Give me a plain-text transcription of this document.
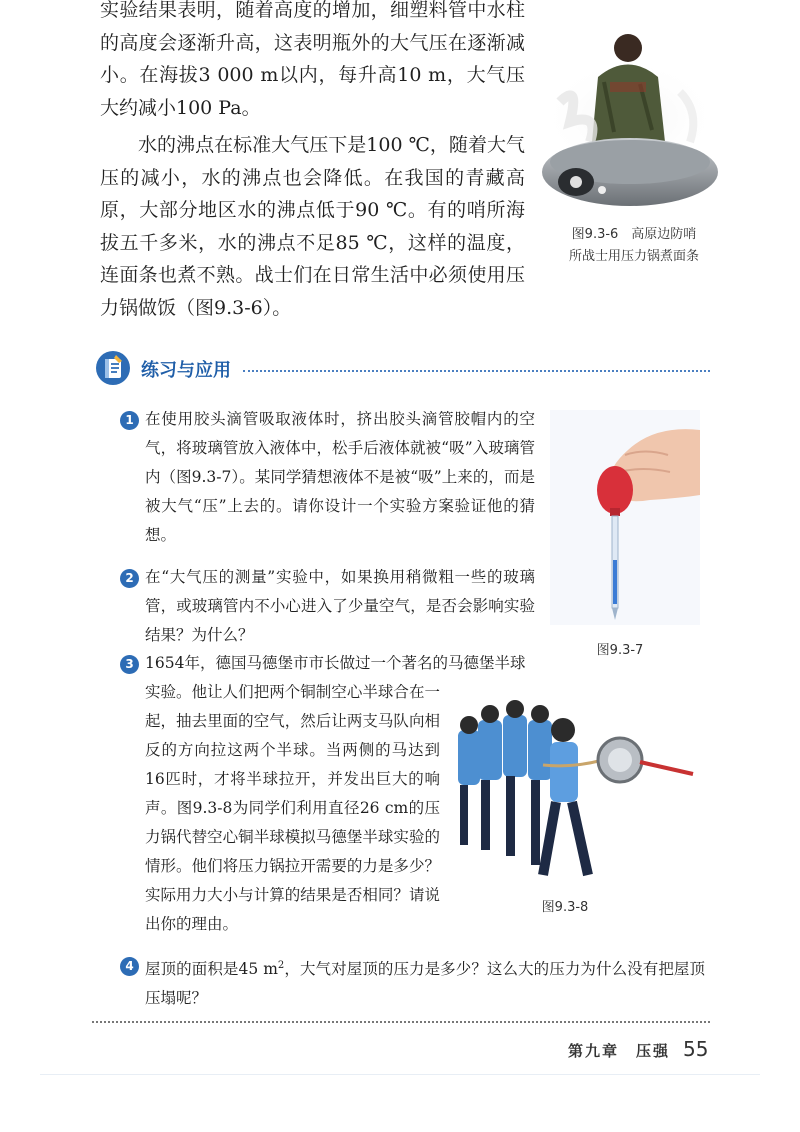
实验结果表明，随着高度的增加，细塑料管中水柱的高度会逐渐升高，这表明瓶外的大气压在逐渐减小。在海拔3 000 m以内，每升高10 m，大气压大约减小100 Pa。

水的沸点在标准大气压下是100 ℃，随着大气压的减小，水的沸点也会降低。在我国的青藏高原，大部分地区水的沸点低于90 ℃。有的哨所海拔五千多米，水的沸点不足85 ℃，这样的温度，连面条也煮不熟。战士们在日常生活中必须使用压力锅做饭（图9.3-6）。

图9.3-6　高原边防哨
所战士用压力锅煮面条
练习与应用
1 在使用胶头滴管吸取液体时，挤出胶头滴管胶帽内的空气，将玻璃管放入液体中，松手后液体就被“吸”入玻璃管内（图9.3-7）。某同学猜想液体不是被“吸”上来的，而是被大气“压”上去的。请你设计一个实验方案验证他的猜想。

图9.3-7
2 在“大气压的测量”实验中，如果换用稍微粗一些的玻璃管，或玻璃管内不小心进入了少量空气，是否会影响实验结果？为什么？

3 1654年，德国马德堡市市长做过一个著名的马德堡半球

实验。他让人们把两个铜制空心半球合在一起，抽去里面的空气，然后让两支马队向相反的方向拉这两个半球。当两侧的马达到16匹时，才将半球拉开，并发出巨大的响声。图9.3-8为同学们利用直径26 cm的压力锅代替空心铜半球模拟马德堡半球实验的情形。他们将压力锅拉开需要的力是多少？实际用力大小与计算的结果是否相同？请说出你的理由。

图9.3-8
4 屋顶的面积是45 $m^2$，大气对屋顶的压力是多少？这么大的压力为什么没有把屋顶压塌呢？

第九章　压强 55
